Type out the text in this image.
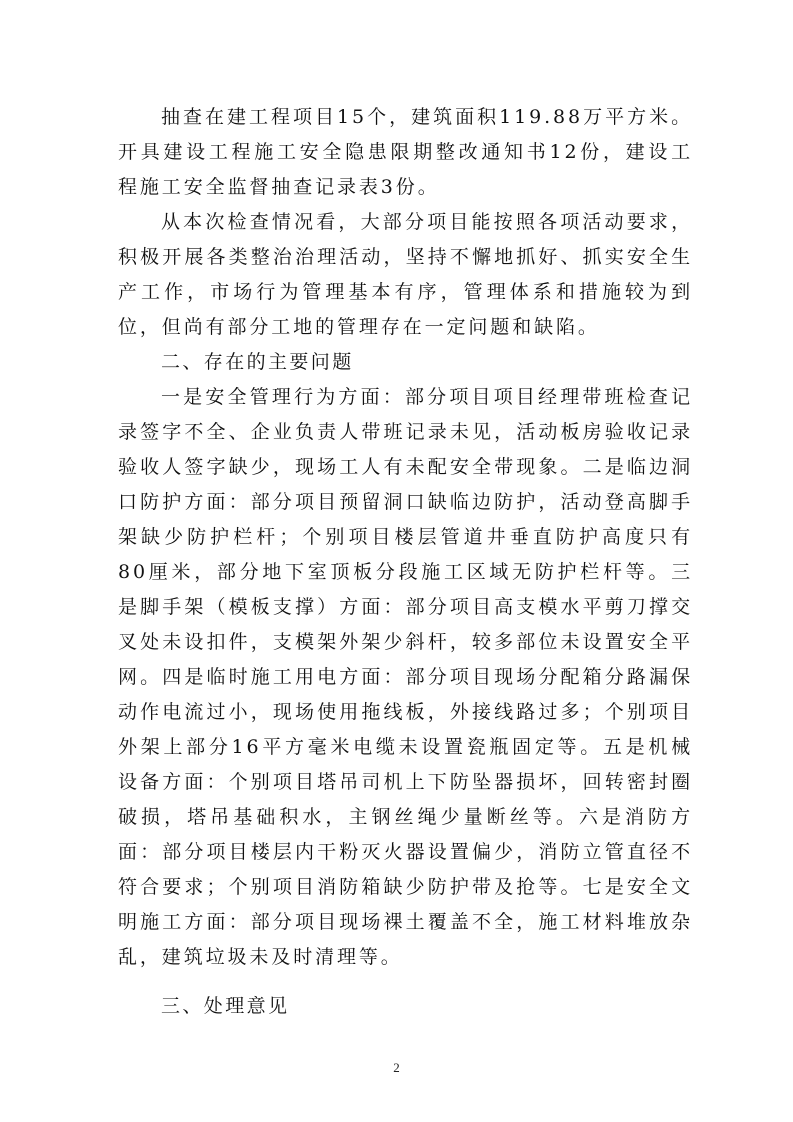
抽查在建工程项目15个，建筑面积119.88万平方米。开具建设工程施工安全隐患限期整改通知书12份，建设工程施工安全监督抽查记录表3份。

从本次检查情况看，大部分项目能按照各项活动要求，积极开展各类整治治理活动，坚持不懈地抓好、抓实安全生产工作，市场行为管理基本有序，管理体系和措施较为到位，但尚有部分工地的管理存在一定问题和缺陷。

二、存在的主要问题

一是安全管理行为方面：部分项目项目经理带班检查记录签字不全、企业负责人带班记录未见，活动板房验收记录验收人签字缺少，现场工人有未配安全带现象。二是临边洞口防护方面：部分项目预留洞口缺临边防护，活动登高脚手架缺少防护栏杆；个别项目楼层管道井垂直防护高度只有80厘米，部分地下室顶板分段施工区域无防护栏杆等。三是脚手架（模板支撑）方面：部分项目高支模水平剪刀撑交叉处未设扣件，支模架外架少斜杆，较多部位未设置安全平网。四是临时施工用电方面：部分项目现场分配箱分路漏保动作电流过小，现场使用拖线板，外接线路过多；个别项目外架上部分16平方毫米电缆未设置瓷瓶固定等。五是机械设备方面：个别项目塔吊司机上下防坠器损坏，回转密封圈破损，塔吊基础积水，主钢丝绳少量断丝等。六是消防方面：部分项目楼层内干粉灭火器设置偏少，消防立管直径不符合要求；个别项目消防箱缺少防护带及抢等。七是安全文明施工方面：部分项目现场裸土覆盖不全，施工材料堆放杂乱，建筑垃圾未及时清理等。

三、处理意见

2
